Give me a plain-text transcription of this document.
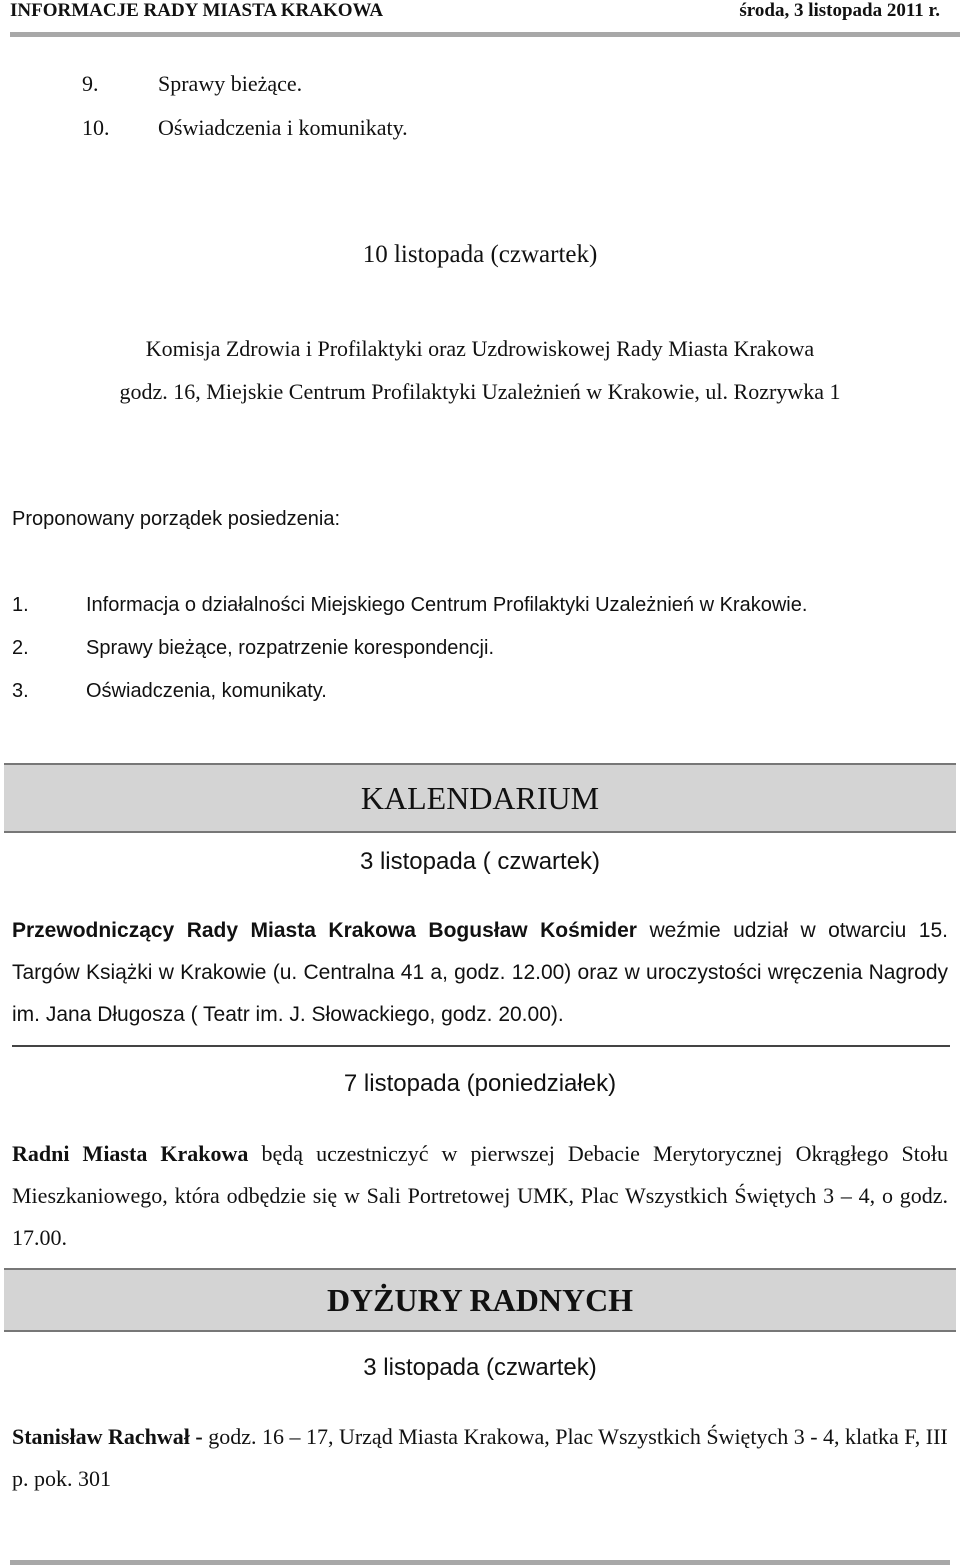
INFORMACJE RADY MIASTA KRAKOWA	środa, 3 listopada 2011 r.
9.	Sprawy bieżące.
10. Oświadczenia i komunikaty.
10 listopada (czwartek)
Komisja Zdrowia i Profilaktyki oraz Uzdrowiskowej Rady Miasta Krakowa
godz. 16, Miejskie Centrum Profilaktyki Uzależnień w Krakowie, ul. Rozrywka 1
Proponowany porządek posiedzenia:
1.	Informacja o działalności Miejskiego Centrum Profilaktyki Uzależnień w Krakowie.
2.	Sprawy bieżące, rozpatrzenie korespondencji.
3.	Oświadczenia, komunikaty.
KALENDARIUM
3 listopada ( czwartek)
Przewodniczący Rady Miasta Krakowa Bogusław Kośmider weźmie udział w otwarciu 15. Targów Książki w Krakowie (u. Centralna 41 a, godz. 12.00) oraz w uroczystości wręczenia Nagrody im. Jana Długosza ( Teatr im. J. Słowackiego, godz. 20.00).
7 listopada (poniedziałek)
Radni Miasta Krakowa będą uczestniczyć w pierwszej Debacie Merytorycznej Okrągłego Stołu Mieszkaniowego, która odbędzie się w Sali Portretowej UMK, Plac Wszystkich Świętych 3 – 4, o godz. 17.00.
DYŻURY RADNYCH
3 listopada (czwartek)
Stanisław Rachwał - godz. 16 – 17, Urząd Miasta Krakowa, Plac Wszystkich Świętych 3 - 4, klatka F, III p. pok. 301
